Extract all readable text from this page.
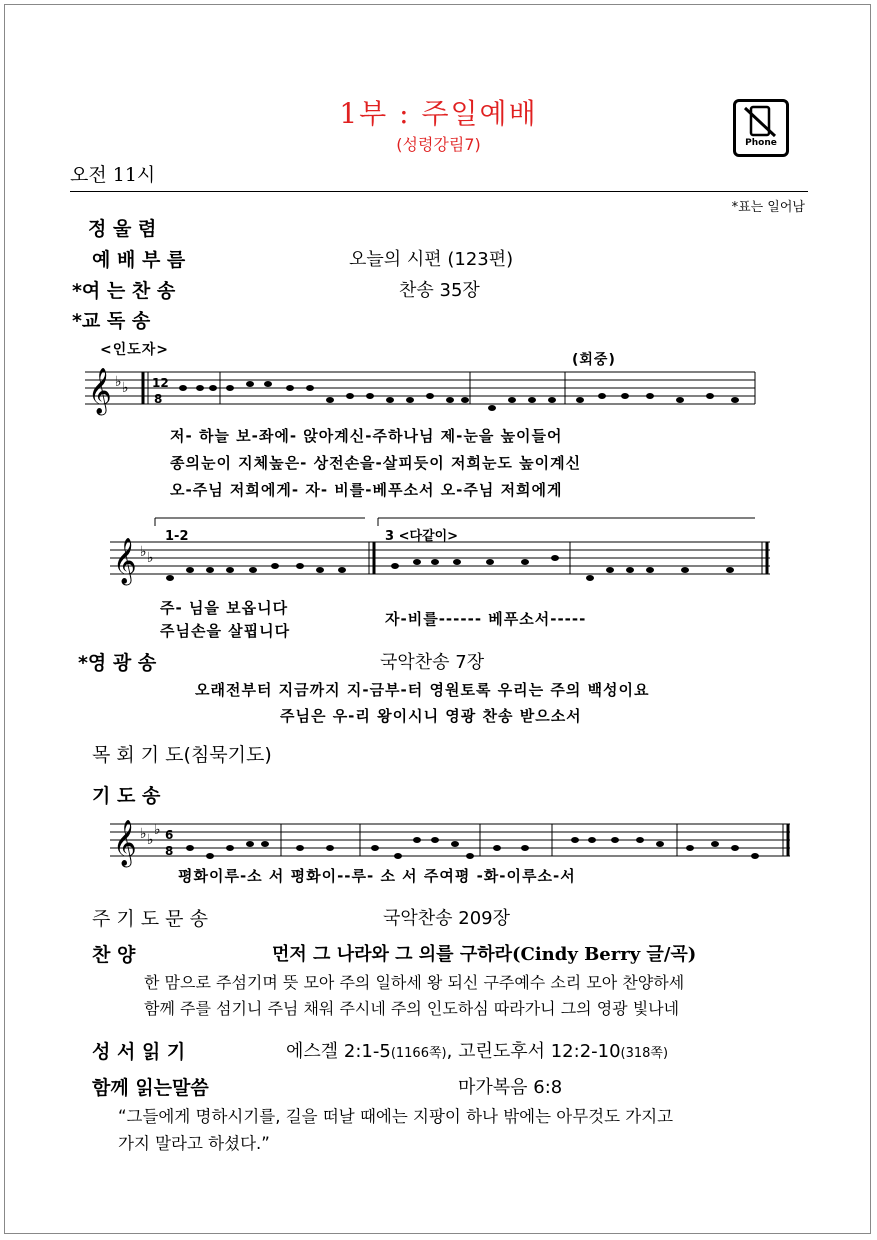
1부 : 주일예배
(성령강림7)	Phone
오전 11시
*표는 일어남
정 울 렴
예 배 부 름	오늘의 시편 (123편)
*여 는 찬 송	찬송 35장
*교 독 송
<인도자>
(회중)
𝄞 ♭ ♭ 12
8
저- 하늘 보-좌에- 앉아계신-주하나님 제-눈을 높이들어
종의눈이 지체높은- 상전손을-살피듯이 저희눈도 높이계신
오-주님 저희에게- 자- 비를-베푸소서 오-주님 저희에게
𝄞 ♭ ♭
1-2	3 <다같이>
주- 님을 보옵니다
주님손을 살핍니다
자-비를------ 베푸소서-----
*영 광 송	국악찬송 7장
오래전부터 지금까지 지-금부-터 영원토록 우리는 주의 백성이요
주님은 우-리 왕이시니 영광 찬송 받으소서
목 회 기 도(침묵기도)
기 도 송
𝄞 ♭ ♭
♭ 6
8
평화이루-소 서 평화이--루- 소 서 주여평 -화-이루소-서
주 기 도 문 송	국악찬송 209장
찬 양	먼저 그 나라와 그 의를 구하라(Cindy Berry 글/곡)
한 맘으로 주섬기며 뜻 모아 주의 일하세 왕 되신 구주예수 소리 모아 찬양하세
함께 주를 섬기니 주님 채워 주시네 주의 인도하심 따라가니 그의 영광 빛나네
성 서 읽 기	에스겔 2:1-5(1166쪽), 고린도후서 12:2-10(318쪽)
함께 읽는말씀	마가복음 6:8
“그들에게 명하시기를, 길을 떠날 때에는 지팡이 하나 밖에는 아무것도 가지고
가지 말라고 하셨다.”
